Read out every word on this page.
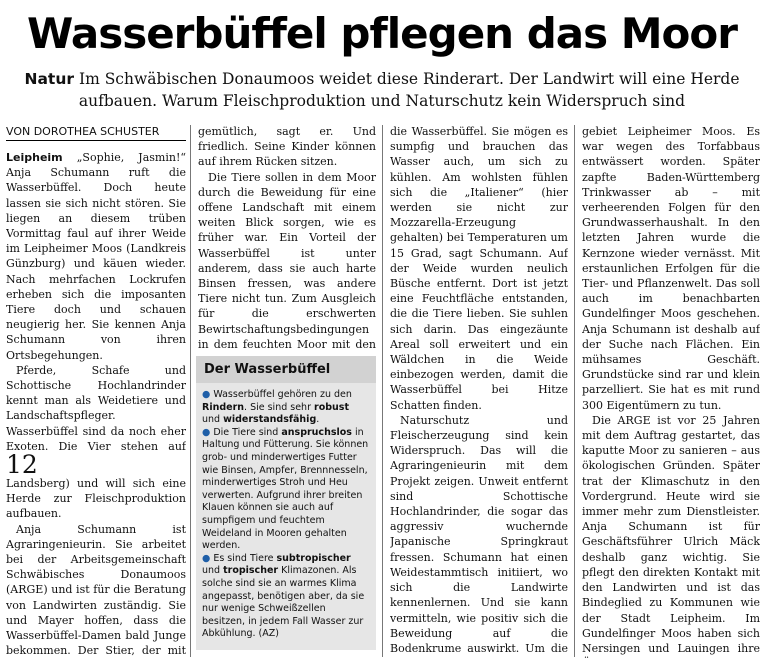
Wasserbüffel pflegen das Moor
Natur Im Schwäbischen Donaumoos weidet diese Rinderart. Der Landwirt will eine Herde aufbauen. Warum Fleischproduktion und Naturschutz kein Widerspruch sind
VON DOROTHEA SCHUSTER

Leipheim „Sophie, Jasmin!“ Anja Schumann ruft die Wasserbüffel. Doch heute lassen sie sich nicht stören. Sie liegen an diesem trüben Vormittag faul auf ihrer Weide im Leipheimer Moos (Landkreis Günzburg) und käuen wieder. Nach mehrfachen Lockrufen erheben sich die imposanten Tiere doch und schauen neugierig her. Sie kennen Anja Schumann von ihren Ortsbegehungen.

Pferde, Schafe und Schottische Hochlandrinder kennt man als Weidetiere und Landschaftspfleger. Wasserbüffel sind da noch eher Exoten. Die Vier stehen auf

12

Landsberg) und will sich eine Herde zur Fleischproduktion aufbauen.

Anja Schumann ist Agraringenieurin. Sie arbeitet bei der Arbeitsgemeinschaft Schwäbisches Donaumoos (ARGE) und ist für die Beratung von Landwirten zuständig. Sie und Mayer hoffen, dass die Wasserbüffel-Damen bald Junge bekommen. Der Stier, der mit

gemütlich, sagt er. Und friedlich. Seine Kinder können auf ihrem Rücken sitzen.

Die Tiere sollen in dem Moor durch die Beweidung für eine offene Landschaft mit einem weiten Blick sorgen, wie es früher war. Ein Vorteil der Wasserbüffel ist unter anderem, dass sie auch harte Binsen fressen, was andere Tiere nicht tun. Zum Ausgleich für die erschwerten Bewirtschaftungsbedingungen in dem feuchten Moor mit den

Der Wasserbüffel

● Wasserbüffel gehören zu den Rindern. Sie sind sehr robust und widerstandsfähig.

● Die Tiere sind anspruchslos in Haltung und Fütterung. Sie können grob- und minderwertiges Futter wie Binsen, Ampfer, Brennnesseln, minderwertiges Stroh und Heu verwerten. Aufgrund ihrer breiten Klauen können sie auch auf sumpfigem und feuchtem Weideland in Mooren gehalten werden.

● Es sind Tiere subtropischer und tropischer Klimazonen. Als solche sind sie an warmes Klima angepasst, benötigen aber, da sie nur wenige Schweißzellen besitzen, in jedem Fall Wasser zur Abkühlung. (AZ)

die Wasserbüffel. Sie mögen es sumpfig und brauchen das Wasser auch, um sich zu kühlen. Am wohlsten fühlen sich die „Italiener“ (hier werden sie nicht zur Mozzarella-Erzeugung gehalten) bei Temperaturen um 15 Grad, sagt Schumann. Auf der Weide wurden neulich Büsche entfernt. Dort ist jetzt eine Feuchtfläche entstanden, die die Tiere lieben. Sie suhlen sich darin. Das eingezäunte Areal soll erweitert und ein Wäldchen in die Weide einbezogen werden, damit die Wasserbüffel bei Hitze Schatten finden.

Naturschutz und Fleischerzeugung sind kein Widerspruch. Das will die Agraringenieurin mit dem Projekt zeigen. Unweit entfernt sind Schottische Hochlandrinder, die sogar das aggressiv wuchernde Japanische Springkraut fressen. Schumann hat einen Weidestammtisch initiiert, wo sich die Landwirte kennenlernen. Und sie kann vermitteln, wie positiv sich die Beweidung auf die Bodenkrume auswirkt. Um die

gebiet Leipheimer Moos. Es war wegen des Torfabbaus entwässert worden. Später zapfte Baden-Württemberg Trinkwasser ab – mit verheerenden Folgen für den Grundwasserhaushalt. In den letzten Jahren wurde die Kernzone wieder vernässt. Mit erstaunlichen Erfolgen für die Tier- und Pflanzenwelt. Das soll auch im benachbarten Gundelfinger Moos geschehen. Anja Schumann ist deshalb auf der Suche nach Flächen. Ein mühsames Geschäft. Grundstücke sind rar und klein parzelliert. Sie hat es mit rund 300 Eigentümern zu tun.

Die ARGE ist vor 25 Jahren mit dem Auftrag gestartet, das kaputte Moor zu sanieren – aus ökologischen Gründen. Später trat der Klimaschutz in den Vordergrund. Heute wird sie immer mehr zum Dienstleister. Anja Schumann ist für Geschäftsführer Ulrich Mäck deshalb ganz wichtig. Sie pflegt den direkten Kontakt mit den Landwirten und ist das Bindeglied zu Kommunen wie der Stadt Leipheim. Im Gundelfinger Moos haben sich Nersingen und Lauingen ihre
